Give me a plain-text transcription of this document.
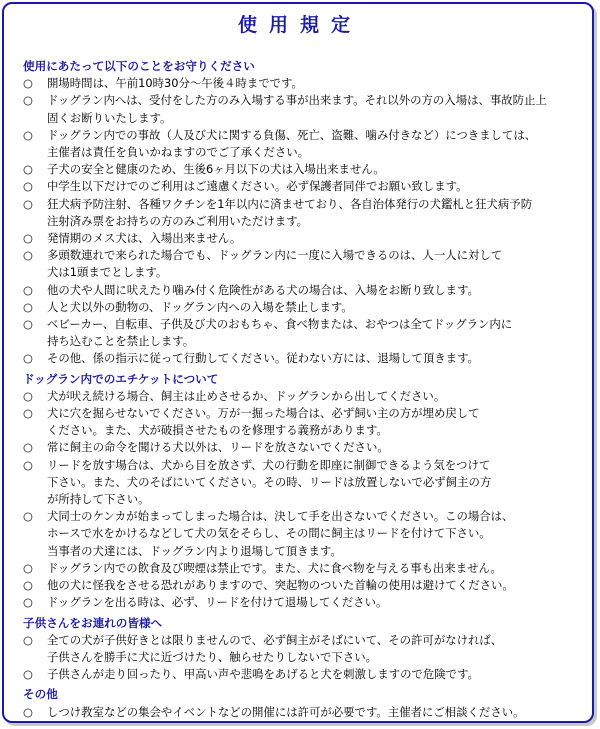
使用規定
使用にあたって以下のことをお守りください
○	開場時間は、午前10時30分～午後４時までです。
○	ドッグラン内へは、受付をした方のみ入場する事が出来ます。それ以外の方の入場は、事故防止上
固くお断りいたします。
○	ドッグラン内での事故（人及び犬に関する負傷、死亡、盗難、噛み付きなど）につきましては、
主催者は責任を負いかねますのでご了承ください。
○	子犬の安全と健康のため、生後6ヶ月以下の犬は入場出来ません。
○	中学生以下だけでのご利用はご遠慮ください。必ず保護者同伴でお願い致します。
○	狂犬病予防注射、各種ワクチンを1年以内に済ませており、各自治体発行の犬鑑札と狂犬病予防
注射済み票をお持ちの方のみご利用いただけます。
○	発情期のメス犬は、入場出来ません。
○	多頭数連れで来られた場合でも、ドッグラン内に一度に入場できるのは、人一人に対して
犬は1頭までとします。
○	他の犬や人間に吠えたり噛み付く危険性がある犬の場合は、入場をお断り致します。
○	人と犬以外の動物の、ドッグラン内への入場を禁止します。
○	ベビーカー、自転車、子供及び犬のおもちゃ、食べ物または、おやつは全てドッグラン内に
持ち込むことを禁止します。
○	その他、係の指示に従って行動してください。従わない方には、退場して頂きます。
ドッグラン内でのエチケットについて
○	犬が吠え続ける場合、飼主は止めさせるか、ドッグランから出してください。
○	犬に穴を掘らせないでください。万が一掘った場合は、必ず飼い主の方が埋め戻して
ください。また、犬が破損させたものを修理する義務があります。
○	常に飼主の命令を聞ける犬以外は、リードを放さないでください。
○	リードを放す場合は、犬から目を放さず、犬の行動を即座に制御できるよう気をつけて
下さい。また、犬のそばにいてください。その時、リードは放置しないで必ず飼主の方
が所持して下さい。
○	犬同士のケンカが始まってしまった場合は、決して手を出さないでください。この場合は、
ホースで水をかけるなどして犬の気をそらし、その間に飼主はリードを付けて下さい。
当事者の犬達には、ドッグラン内より退場して頂きます。
○	ドッグラン内での飲食及び喫煙は禁止です。また、犬に食べ物を与える事も出来ません。
○	他の犬に怪我をさせる恐れがありますので、突起物のついた首輪の使用は避けてください。
○	ドッグランを出る時は、必ず、リードを付けて退場してください。
子供さんをお連れの皆様へ
○	全ての犬が子供好きとは限りませんので、必ず飼主がそばにいて、その許可がなければ、
子供さんを勝手に犬に近づけたり、触らせたりしないで下さい。
○	子供さんが走り回ったり、甲高い声や悲鳴をあげると犬を刺激しますので危険です。
その他
○	しつけ教室などの集会やイベントなどの開催には許可が必要です。主催者にご相談ください。
